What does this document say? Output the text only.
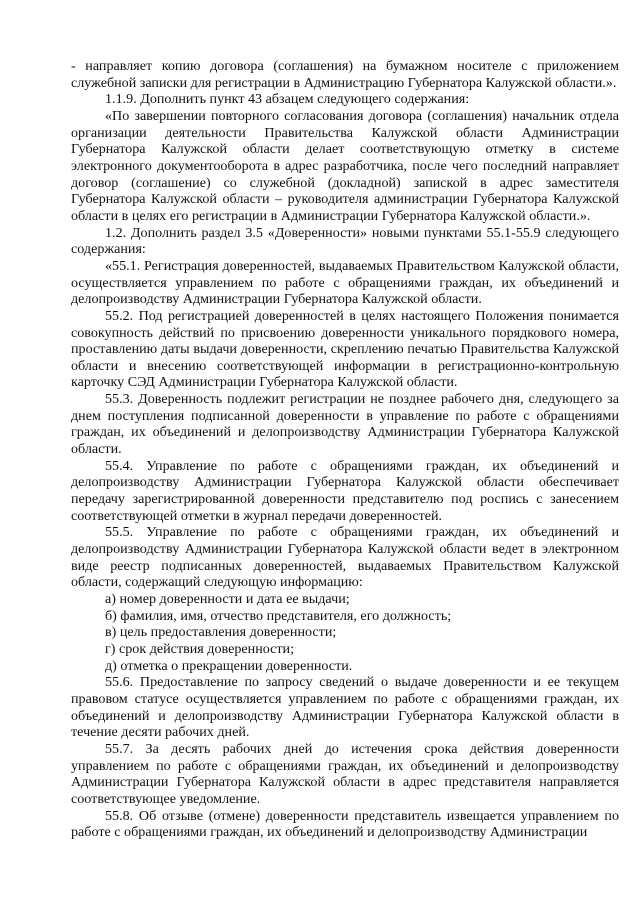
- направляет копию договора (соглашения) на бумажном носителе с приложением служебной записки для регистрации в Администрацию Губернатора Калужской области.».

1.1.9. Дополнить пункт 43 абзацем следующего содержания:

«По завершении повторного согласования договора (соглашения) начальник отдела организации деятельности Правительства Калужской области Администрации Губернатора Калужской области делает соответствующую отметку в системе электронного документооборота в адрес разработчика, после чего последний направляет договор (соглашение) со служебной (докладной) запиской в адрес заместителя Губернатора Калужской области – руководителя администрации Губернатора Калужской области в целях его регистрации в Администрации Губернатора Калужской области.».

1.2. Дополнить раздел 3.5 «Доверенности» новыми пунктами 55.1-55.9 следующего содержания:

«55.1. Регистрация доверенностей, выдаваемых Правительством Калужской области, осуществляется управлением по работе с обращениями граждан, их объединений и делопроизводству Администрации Губернатора Калужской области.

55.2. Под регистрацией доверенностей в целях настоящего Положения понимается совокупность действий по присвоению доверенности уникального порядкового номера, проставлению даты выдачи доверенности, скреплению печатью Правительства Калужской области и внесению соответствующей информации в регистрационно-контрольную карточку СЭД Администрации Губернатора Калужской области.

55.3. Доверенность подлежит регистрации не позднее рабочего дня, следующего за днем поступления подписанной доверенности в управление по работе с обращениями граждан, их объединений и делопроизводству Администрации Губернатора Калужской области.

55.4. Управление по работе с обращениями граждан, их объединений и делопроизводству Администрации Губернатора Калужской области обеспечивает передачу зарегистрированной доверенности представителю под роспись с занесением соответствующей отметки в журнал передачи доверенностей.

55.5. Управление по работе с обращениями граждан, их объединений и делопроизводству Администрации Губернатора Калужской области ведет в электронном виде реестр подписанных доверенностей, выдаваемых Правительством Калужской области, содержащий следующую информацию:

а) номер доверенности и дата ее выдачи;

б) фамилия, имя, отчество представителя, его должность;

в) цель предоставления доверенности;

г) срок действия доверенности;

д) отметка о прекращении доверенности.

55.6. Предоставление по запросу сведений о выдаче доверенности и ее текущем правовом статусе осуществляется управлением по работе с обращениями граждан, их объединений и делопроизводству Администрации Губернатора Калужской области в течение десяти рабочих дней.

55.7. За десять рабочих дней до истечения срока действия доверенности управлением по работе с обращениями граждан, их объединений и делопроизводству Администрации Губернатора Калужской области в адрес представителя направляется соответствующее уведомление.

55.8. Об отзыве (отмене) доверенности представитель извещается управлением по работе с обращениями граждан, их объединений и делопроизводству Администрации
